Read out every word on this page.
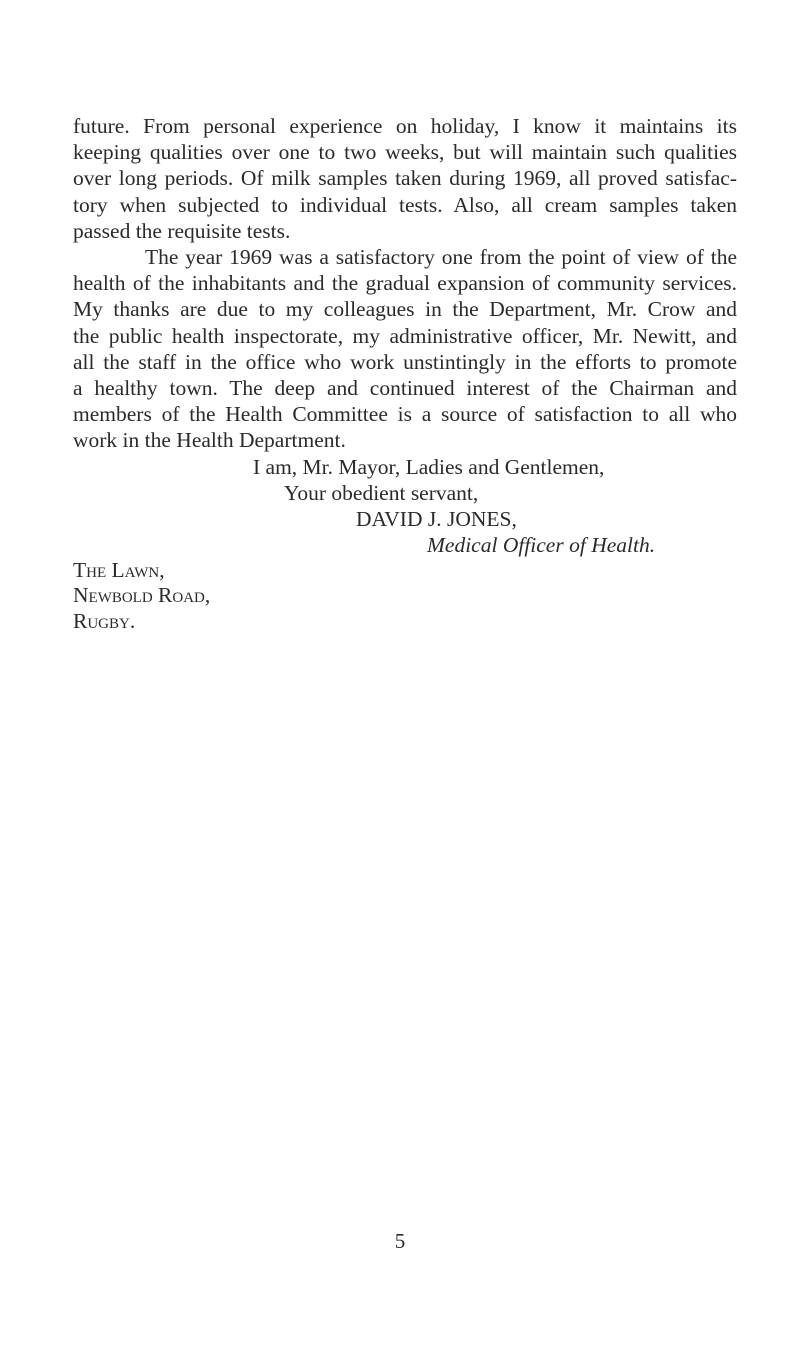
future. From personal experience on holiday, I know it maintains its
keeping qualities over one to two weeks, but will maintain such qualities
over long periods. Of milk samples taken during 1969, all proved satisfac-
tory when subjected to individual tests. Also, all cream samples taken
passed the requisite tests.

The year 1969 was a satisfactory one from the point of view of the
health of the inhabitants and the gradual expansion of community services.
My thanks are due to my colleagues in the Department, Mr. Crow and
the public health inspectorate, my administrative officer, Mr. Newitt, and
all the staff in the office who work unstintingly in the efforts to promote
a healthy town. The deep and continued interest of the Chairman and
members of the Health Committee is a source of satisfaction to all who
work in the Health Department.

I am, Mr. Mayor, Ladies and Gentlemen,
Your obedient servant,
DAVID J. JONES,
Medical Officer of Health.
The Lawn,
Newbold Road,
Rugby.
5
